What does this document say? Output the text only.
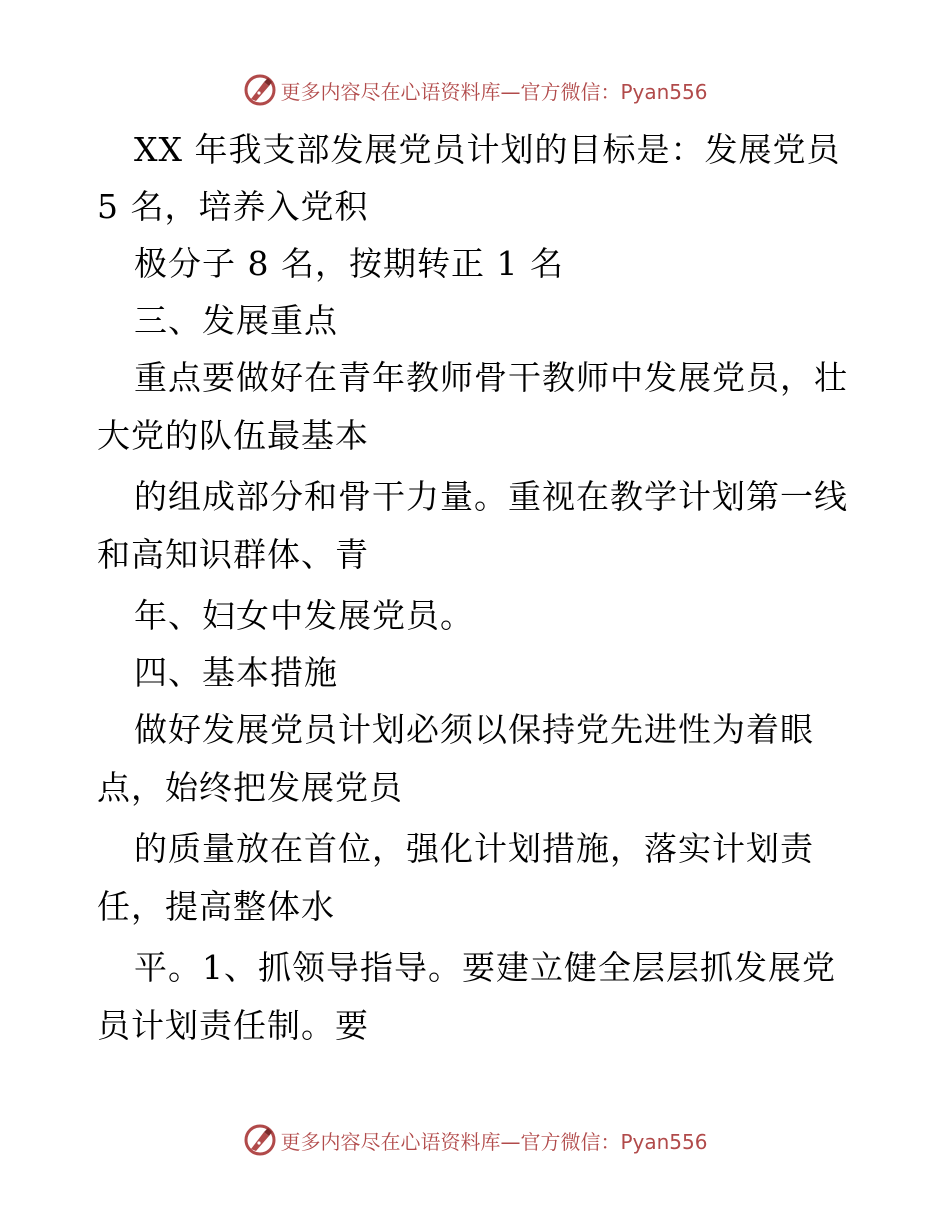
更多内容尽在心语资料库—官方微信：Pyan556
XX 年我支部发展党员计划的目标是：发展党员
5 名，培养入党积
极分子 8 名，按期转正 1 名
三、发展重点
重点要做好在青年教师骨干教师中发展党员，壮
大党的队伍最基本
的组成部分和骨干力量。重视在教学计划第一线
和高知识群体、青
年、妇女中发展党员。
四、基本措施
做好发展党员计划必须以保持党先进性为着眼
点，始终把发展党员
的质量放在首位，强化计划措施，落实计划责
任，提高整体水
平。1、抓领导指导。要建立健全层层抓发展党
员计划责任制。要
更多内容尽在心语资料库—官方微信：Pyan556
